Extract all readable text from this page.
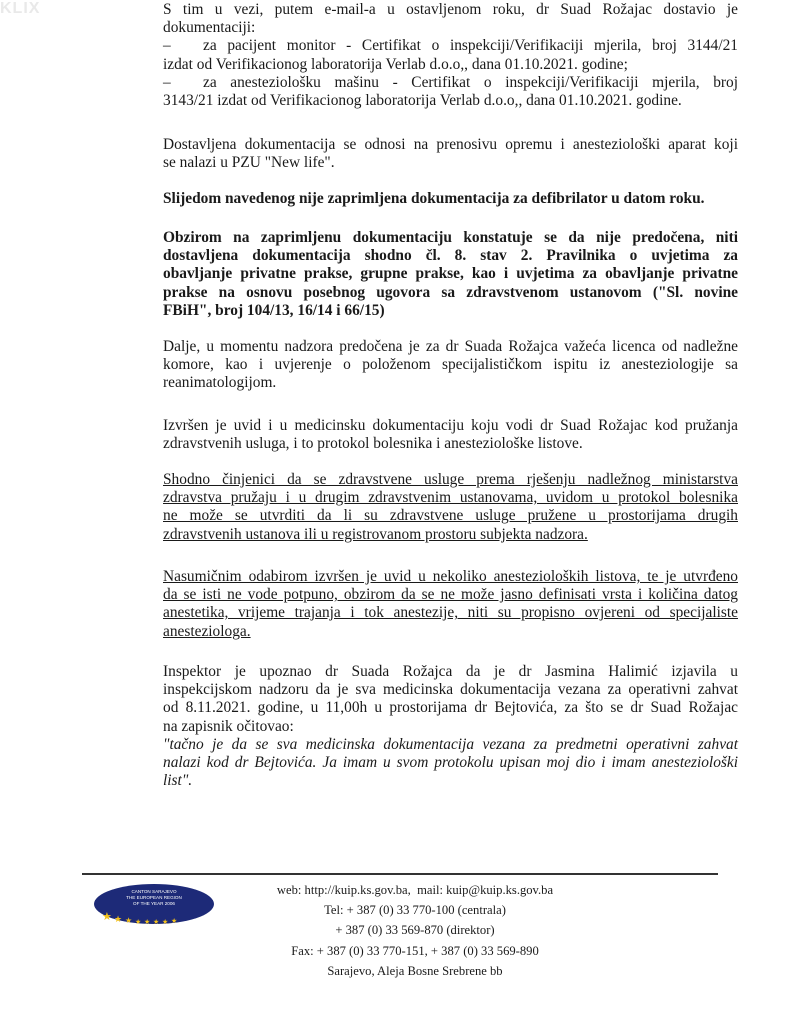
KLIX	S tim u vezi, putem e-mail-a u ostavljenom roku, dr Suad Rožajac dostavio je
dokumentaciji:
– za pacijent monitor - Certifikat o inspekciji/Verifikaciji mjerila, broj 3144/21
izdat od Verifikacionog laboratorija Verlab d.o.o,, dana 01.10.2021. godine;
– za anesteziološku mašinu - Certifikat o inspekciji/Verifikaciji mjerila, broj
3143/21 izdat od Verifikacionog laboratorija Verlab d.o.o,, dana 01.10.2021. godine.

Dostavljena dokumentacija se odnosi na prenosivu opremu i anesteziološki aparat koji
se nalazi u PZU "New life".

Slijedom navedenog nije zaprimljena dokumentacija za defibrilator u datom roku.

Obzirom na zaprimljenu dokumentaciju konstatuje se da nije predočena, niti
dostavljena dokumentacija shodno čl. 8. stav 2. Pravilnika o uvjetima za
obavljanje privatne prakse, grupne prakse, kao i uvjetima za obavljanje privatne
prakse na osnovu posebnog ugovora sa zdravstvenom ustanovom ("Sl. novine
FBiH", broj 104/13, 16/14 i 66/15)

Dalje, u momentu nadzora predočena je za dr Suada Rožajca važeća licenca od nadležne
komore, kao i uvjerenje o položenom specijalističkom ispitu iz anesteziologije sa
reanimatologijom.

Izvršen je uvid i u medicinsku dokumentaciju koju vodi dr Suad Rožajac kod pružanja
zdravstvenih usluga, i to protokol bolesnika i anesteziološke listove.

Shodno činjenici da se zdravstvene usluge prema rješenju nadležnog ministarstva
zdravstva pružaju i u drugim zdravstvenim ustanovama, uvidom u protokol bolesnika
ne može se utvrditi da li su zdravstvene usluge pružene u prostorijama drugih
zdravstvenih ustanova ili u registrovanom prostoru subjekta nadzora.

Nasumičnim odabirom izvršen je uvid u nekoliko anestezioloških listova, te je utvrđeno
da se isti ne vode potpuno, obzirom da se ne može jasno definisati vrsta i količina datog
anestetika, vrijeme trajanja i tok anestezije, niti su propisno ovjereni od specijaliste
anesteziologa.

Inspektor je upoznao dr Suada Rožajca da je dr Jasmina Halimić izjavila u
inspekcijskom nadzoru da je sva medicinska dokumentacija vezana za operativni zahvat
od 8.11.2021. godine, u 11,00h u prostorijama dr Bejtovića, za što se dr Suad Rožajac
na zapisnik očitovao:
"tačno je da se sva medicinska dokumentacija vezana za predmetni operativni zahvat
nalazi kod dr Bejtovića. Ja imam u svom protokolu upisan moj dio i imam anesteziološki
list".

CANTON SARAJEVO
THE EUROPEAN REGION
OF THE YEAR 2006
★ ★ ★ ★ ★ ★ ★ ★
web: http://kuip.ks.gov.ba, mail: kuip@kuip.ks.gov.ba
Tel: + 387 (0) 33 770-100 (centrala)
+ 387 (0) 33 569-870 (direktor)
Fax: + 387 (0) 33 770-151, + 387 (0) 33 569-890
Sarajevo, Aleja Bosne Srebrene bb
